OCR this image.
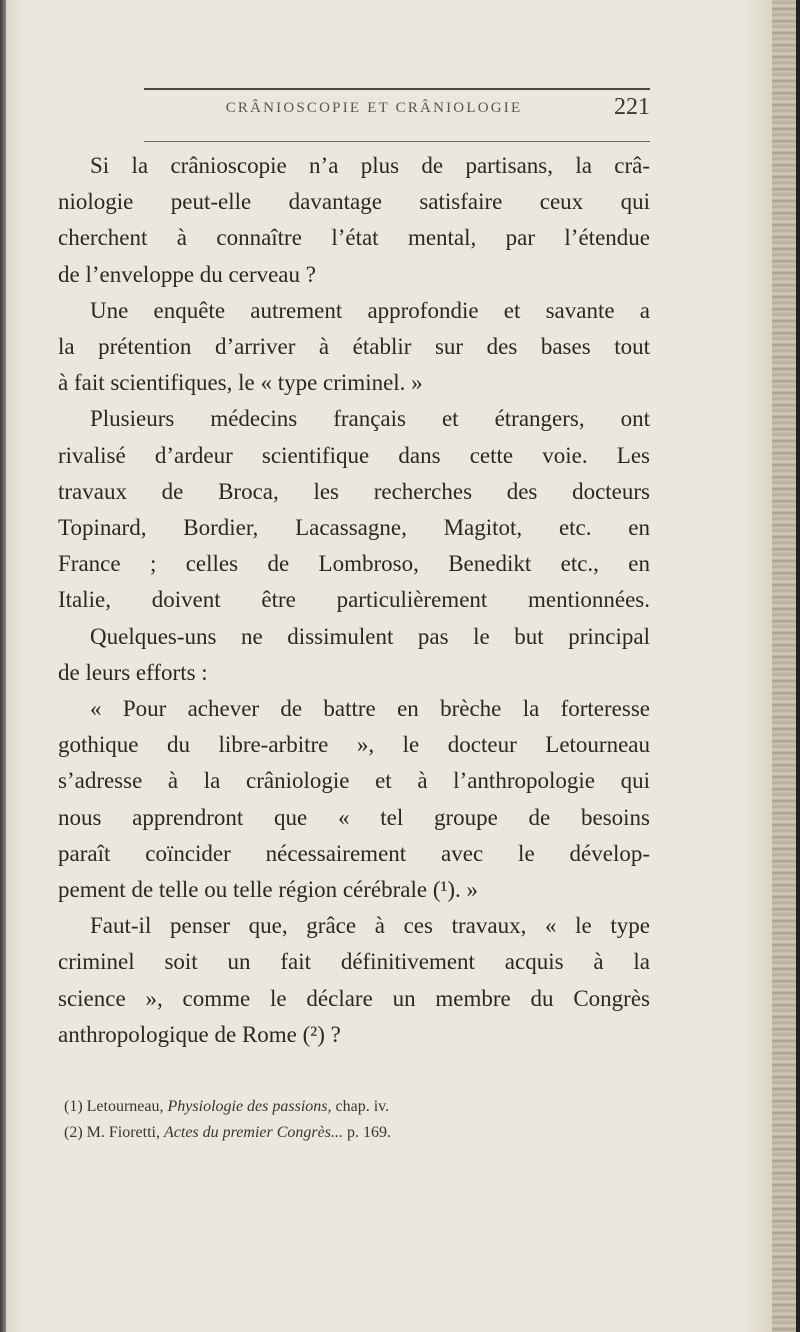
CRÂNIOSCOPIE ET CRÂNIOLOGIE	221
Si la crânioscopie n’a plus de partisans, la crâ-
niologie peut-elle davantage satisfaire ceux qui
cherchent à connaître l’état mental, par l’étendue
de l’enveloppe du cerveau ?
Une enquête autrement approfondie et savante a
la prétention d’arriver à établir sur des bases tout
à fait scientifiques, le « type criminel. »
Plusieurs médecins français et étrangers, ont
rivalisé d’ardeur scientifique dans cette voie. Les
travaux de Broca, les recherches des docteurs
Topinard, Bordier, Lacassagne, Magitot, etc. en
France ; celles de Lombroso, Benedikt etc., en
Italie, doivent être particulièrement mentionnées.
Quelques-uns ne dissimulent pas le but principal
de leurs efforts :
« Pour achever de battre en brèche la forteresse
gothique du libre-arbitre », le docteur Letourneau
s’adresse à la crâniologie et à l’anthropologie qui
nous apprendront que « tel groupe de besoins
paraît coïncider nécessairement avec le dévelop-
pement de telle ou telle région cérébrale (¹). »
Faut-il penser que, grâce à ces travaux, « le type
criminel soit un fait définitivement acquis à la
science », comme le déclare un membre du Congrès
anthropologique de Rome (²) ?
(1) Letourneau, Physiologie des passions, chap. iv.
(2) M. Fioretti, Actes du premier Congrès... p. 169.
